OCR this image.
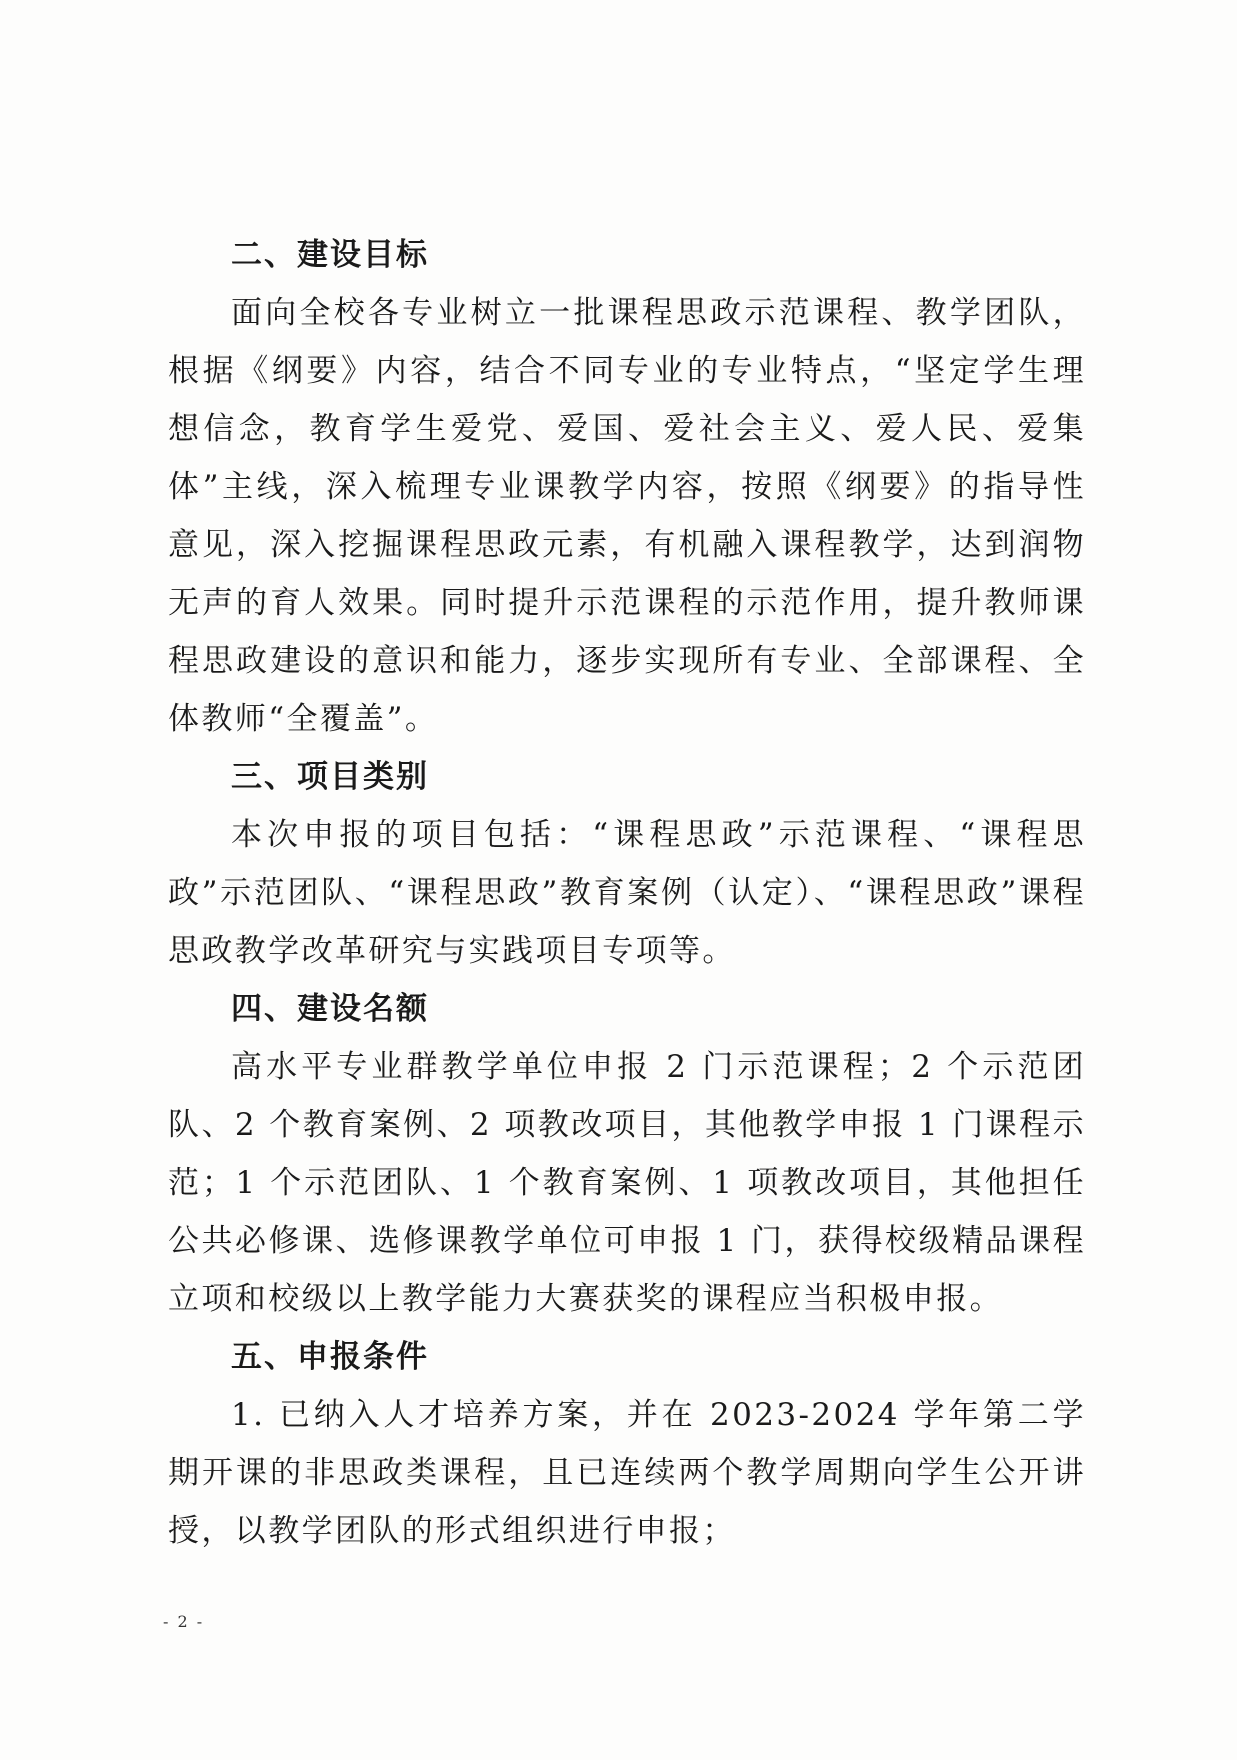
二、建设目标

面向全校各专业树立一批课程思政示范课程、教学团队，根据《纲要》内容，结合不同专业的专业特点，“坚定学生理想信念，教育学生爱党、爱国、爱社会主义、爱人民、爱集体”主线，深入梳理专业课教学内容，按照《纲要》的指导性意见，深入挖掘课程思政元素，有机融入课程教学，达到润物无声的育人效果。同时提升示范课程的示范作用，提升教师课程思政建设的意识和能力，逐步实现所有专业、全部课程、全体教师“全覆盖”。

三、项目类别

本次申报的项目包括：“课程思政”示范课程、“课程思政”示范团队、“课程思政”教育案例（认定）、“课程思政”课程思政教学改革研究与实践项目专项等。

四、建设名额

高水平专业群教学单位申报 2 门示范课程；2 个示范团队、2 个教育案例、2 项教改项目，其他教学申报 1 门课程示范；1 个示范团队、1 个教育案例、1 项教改项目，其他担任公共必修课、选修课教学单位可申报 1 门，获得校级精品课程立项和校级以上教学能力大赛获奖的课程应当积极申报。

五、申报条件

1. 已纳入人才培养方案，并在 2023-2024 学年第二学期开课的非思政类课程，且已连续两个教学周期向学生公开讲授，以教学团队的形式组织进行申报；

- 2 -
